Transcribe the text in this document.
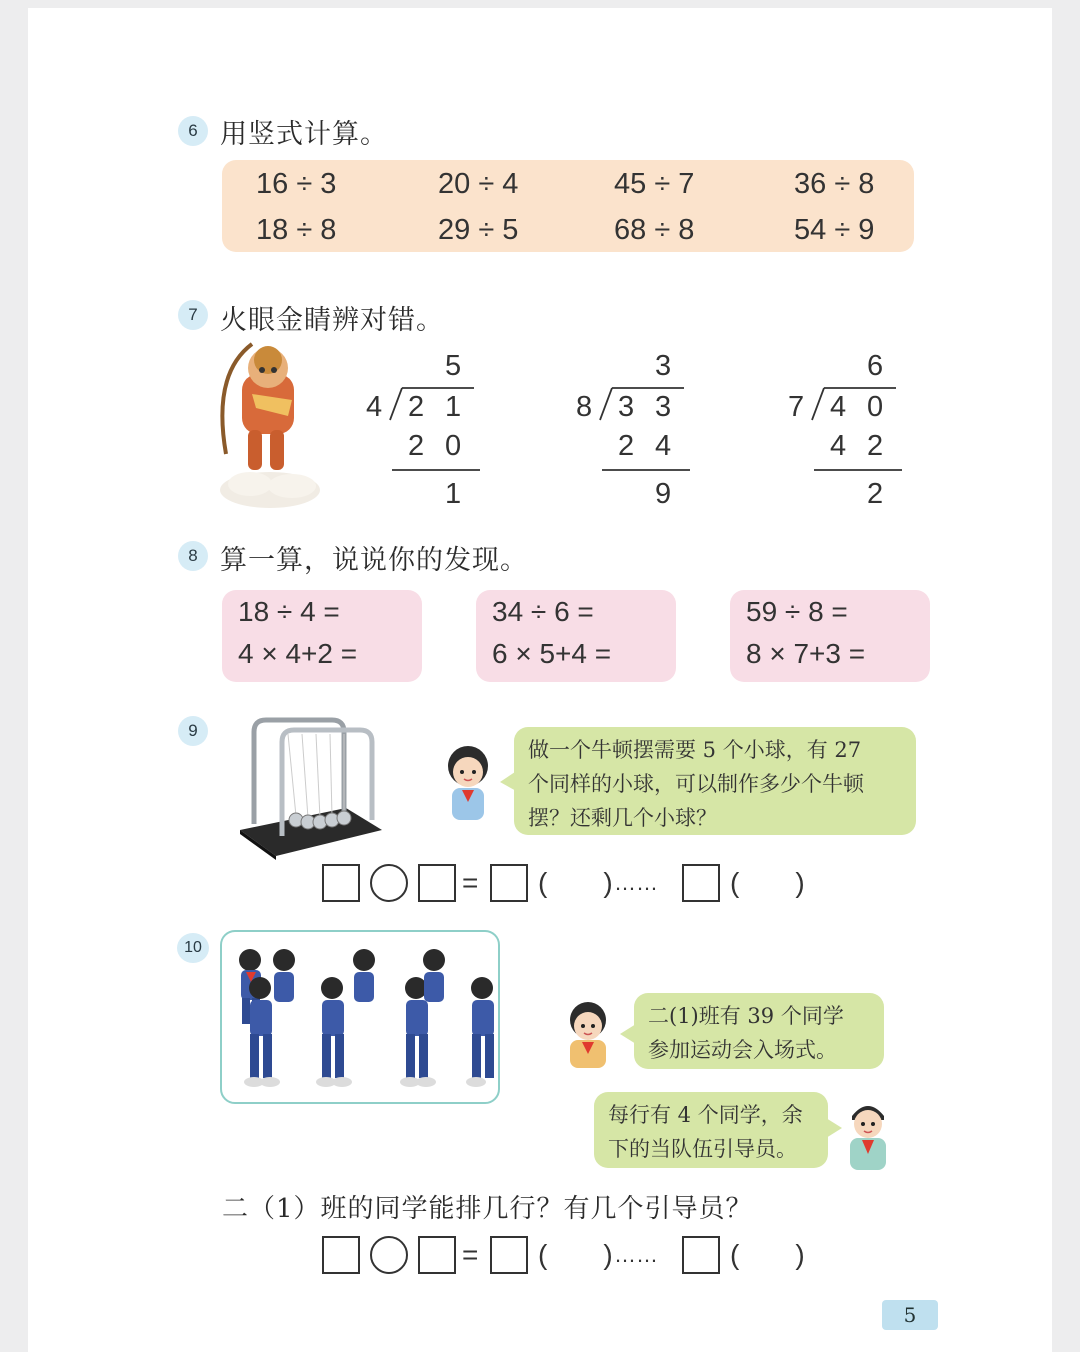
6 用竖式计算。
16 ÷ 3	20 ÷ 4	45 ÷ 7	36 ÷ 8
18 ÷ 8	29 ÷ 5	68 ÷ 8	54 ÷ 9
7 火眼金睛辨对错。
5
4 2 1
2 0
1
3
8 3 3
2 4
9
6
7 4 0
4 2
2
8 算一算，说说你的发现。
18 ÷ 4 =
4 × 4+2 =
34 ÷ 6 =
6 × 5+4 =
59 ÷ 8 =
8 × 7+3 =
9
做一个牛顿摆需要 5 个小球，有 27
个同样的小球，可以制作多少个牛顿
摆？还剩几个小球？
= (　　) ……	(　　)
10
二(1)班有 39 个同学
参加运动会入场式。
每行有 4 个同学，余
下的当队伍引导员。
二（1）班的同学能排几行？有几个引导员？
= (　　) ……	(　　)
5
